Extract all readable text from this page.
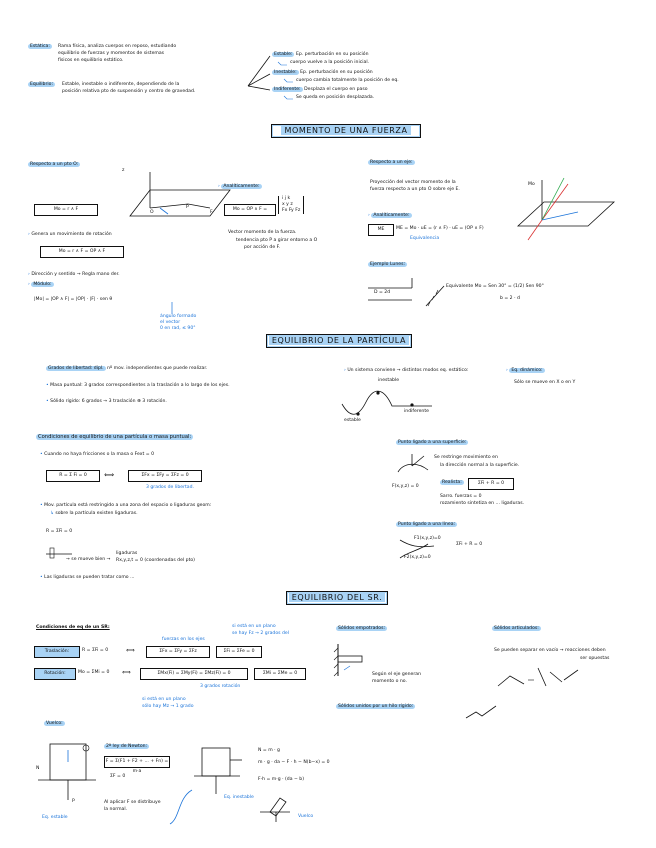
Estática:	Rama física, analiza cuerpos en reposo, estudiando
equilibrio de fuerzas y momentos de sistemas
físicos en equilibrio estático.
Equilibrio:	Estable, inestable o indiferente, dependiendo de la
posición relativa pto de suspensión y centro de gravedad.
Estable: Ep. perturbación en su posición
cuerpo vuelve a la posición inicial.
Inestable: Ep. perturbación en su posición
cuerpo cambia totalmente la posición de eq.
Indiferente: Desplaza el cuerpo en paso
Se queda en posición desplazada.
MOMENTO DE UNA FUERZA
Respecto a un pto O:
z
O
P
F
Mo = r ∧ F
› Genera un movimiento de rotación
Mo = r ∧ F = OP ∧ F
› Dirección y sentido → Regla mano der.
› Módulo:
|Mo| = |OP ∧ F| = |OP| · |F| · sen θ
ángulo formado
el vector
0 en rad, ≤ 90°
› Analíticamente:
Mo = OP ∧ F =
i j k
x y z
Fx Fy Fz
Vector momento de la fuerza.
tendencia pto P a girar entorno a O
por acción de F.
Respecto a un eje:
Proyección del vector momento de la
fuerza respecto a un pto O sobre eje E.
› Analíticamente:
ME	ME = Mo · uE = (r ∧ F) · uE = (OP ∧ F)
Equivalencia
Mo
Ejemplo Lunes:
D = 2d
Equivalente Mo = Sen 30° = (1/2) Sen 90°
b = 2 · d
EQUILIBRIO DE LA PARTÍCULA
Grados de libertad: dipl. nº mov. independientes que puede realizar.
• Masa puntual: 3 grados correspondientes a la traslación a lo largo de los ejes.
• Sólido rígido: 6 grados → 3 traslación ⊕ 3 rotación.
› Un sistema conviene → distintos modos eq. estático:
inestable
estable
indiferente
› Eq. dinámico:
Sólo se mueve en X o en Y
Condiciones de equilibrio de una partícula o masa puntual:
• Cuando no haya fricciones o la masa o Fext = 0
R = Σ Fi = 0	⟺	ΣFx = ΣFy = ΣFz = 0
3 grados de libertad.
• Mov. partícula está restringido a una zona del espacio o ligaduras geom:
↳ sobre la partícula existen ligaduras.
R = ΣFi = 0
→ se mueve bien →
ligaduras
Rx,y,z,t = 0 (coordenadas del pto)
• Las ligaduras se pueden tratar como ...
Punto ligado a una superficie:
F(x,y,z) = 0
Se restringe movimiento en
la dirección normal a la superficie.
Realista:	ΣFi + R = 0
Sarro. fuerzas = 0
rozamiento sintetiza en ... ligaduras.
Punto ligado a una línea:
F1(x,y,z)=0
F2(x,y,z)=0
ΣFi + R = 0
EQUILIBRIO DEL SR.
Condiciones de eq de un SR:
Traslación:	R = ΣFi = 0	⟺	ΣFx = ΣFy = ΣFz	ΣFi = ΣFe = 0
fuerzas en los ejes
si está en un plano
se hay Fz → 2 grados del
Rotación:	Mo = ΣMi = 0 ⟺	ΣMx(Fi) = ΣMy(Fi) = ΣMz(Fi) = 0	ΣMi = ΣMe = 0
3 grados rotación
si está en un plano
sólo hay Mz → 1 grado
Vuelco:
N
P
Eq. estable
2ª ley de Newton:
F = Σ(F1 + F2 + ... + Fn) = m·a
ΣF = 0
Al aplicar F se distribuye
la normal.
Eq. inestable
N = m · g
m · g · da − F · h − N(b−x) = 0
F·h = m·g · (da − b)
Vuelco
Sólidos empotrados:
Según el eje generan
momento o no.
Sólidos unidos por un hilo rígido:
Sólidos articulados:
Se pueden separar en vacío → reacciones deben
ser opuestas
